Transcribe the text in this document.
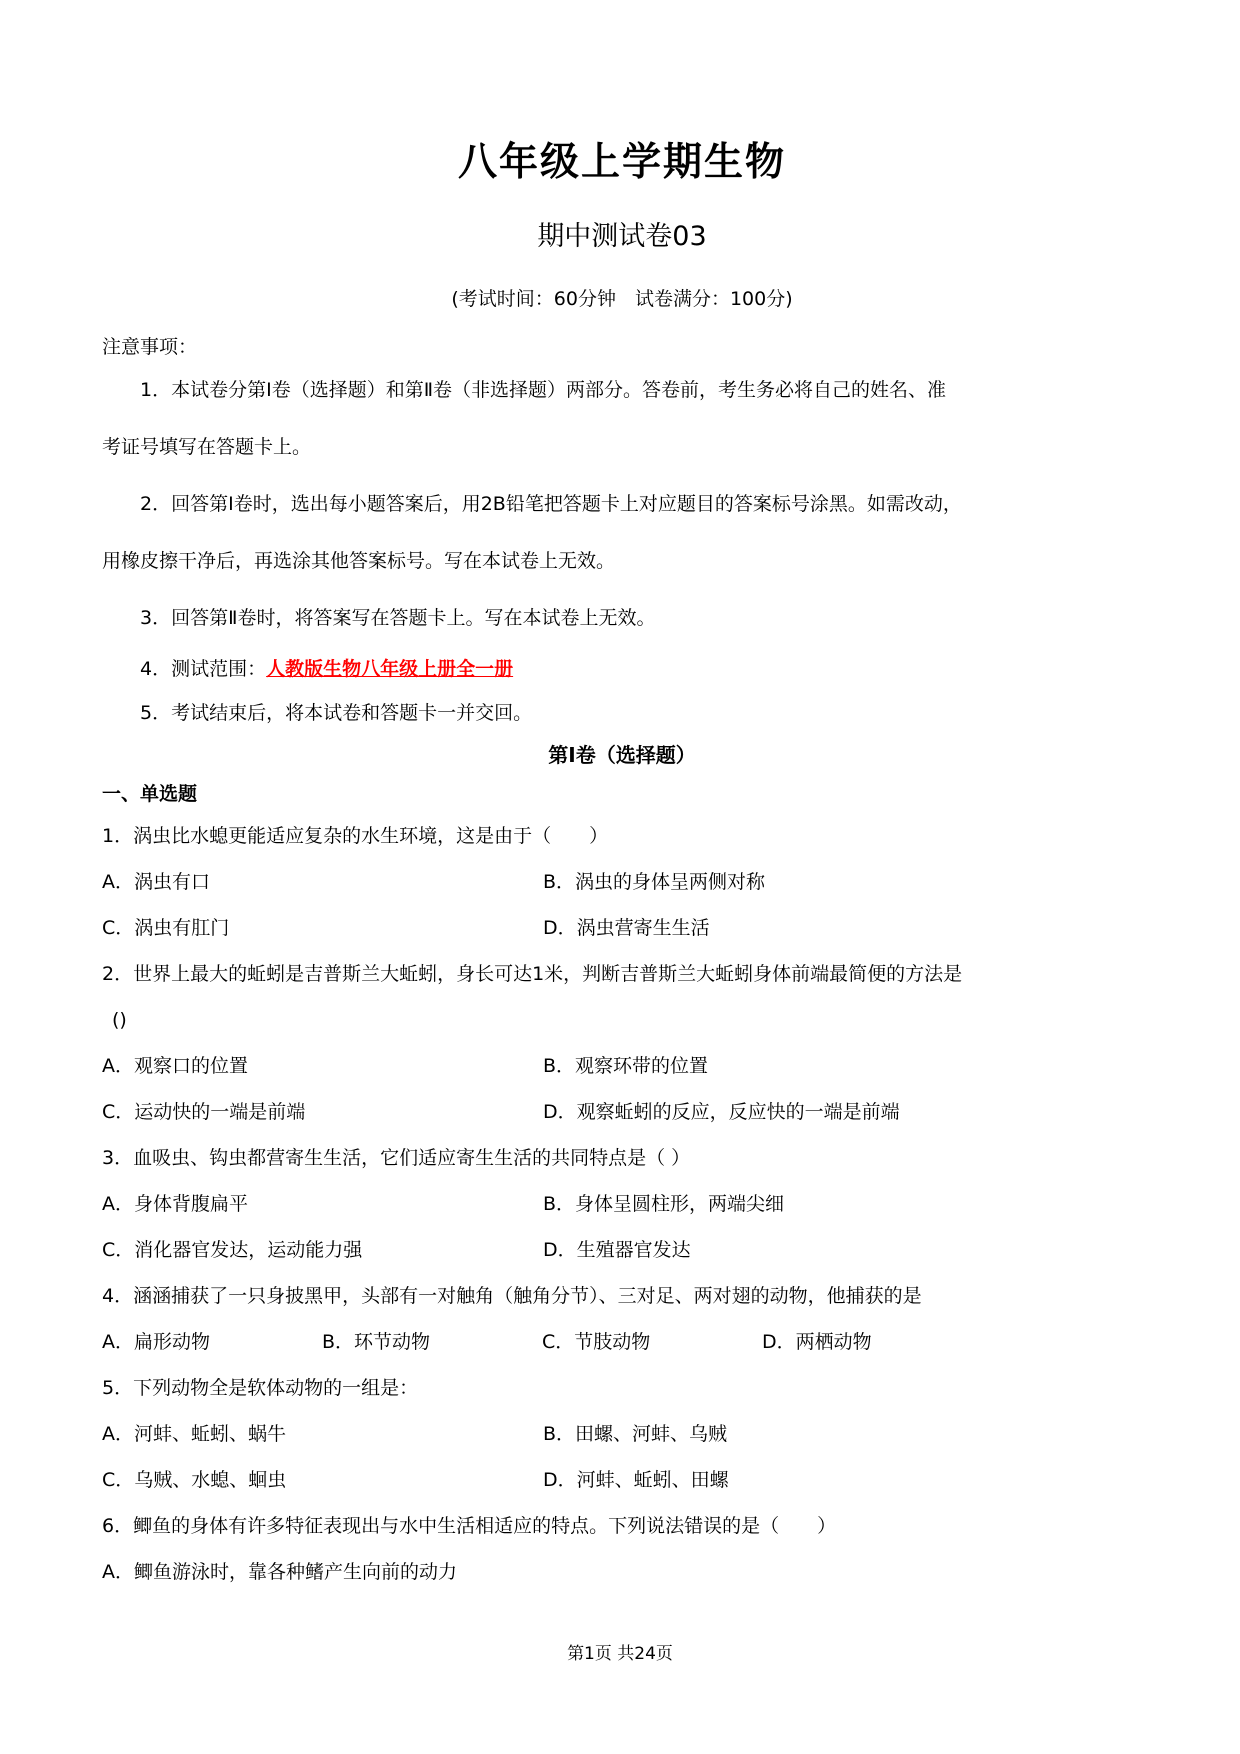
八年级上学期生物
期中测试卷03
(考试时间：60分钟　试卷满分：100分)
注意事项：
1．本试卷分第Ⅰ卷（选择题）和第Ⅱ卷（非选择题）两部分。答卷前，考生务必将自己的姓名、准
考证号填写在答题卡上。
2．回答第Ⅰ卷时，选出每小题答案后，用2B铅笔把答题卡上对应题目的答案标号涂黑。如需改动，
用橡皮擦干净后，再选涂其他答案标号。写在本试卷上无效。
3．回答第Ⅱ卷时，将答案写在答题卡上。写在本试卷上无效。
4．测试范围：人教版生物八年级上册全一册
5．考试结束后，将本试卷和答题卡一并交回。
第Ⅰ卷（选择题）
一、单选题
1．涡虫比水螅更能适应复杂的水生环境，这是由于（　　）
A．涡虫有口	B．涡虫的身体呈两侧对称
C．涡虫有肛门	D．涡虫营寄生生活
2．世界上最大的蚯蚓是吉普斯兰大蚯蚓，身长可达1米，判断吉普斯兰大蚯蚓身体前端最简便的方法是
()
A．观察口的位置	B．观察环带的位置
C．运动快的一端是前端	D．观察蚯蚓的反应，反应快的一端是前端
3．血吸虫、钩虫都营寄生生活，它们适应寄生生活的共同特点是（ ）
A．身体背腹扁平	B．身体呈圆柱形，两端尖细
C．消化器官发达，运动能力强	D．生殖器官发达
4．涵涵捕获了一只身披黑甲，头部有一对触角（触角分节）、三对足、两对翅的动物，他捕获的是
A．扁形动物	B．环节动物	C．节肢动物	D．两栖动物
5．下列动物全是软体动物的一组是：
A．河蚌、蚯蚓、蜗牛	B．田螺、河蚌、乌贼
C．乌贼、水螅、蛔虫	D．河蚌、蚯蚓、田螺
6．鲫鱼的身体有许多特征表现出与水中生活相适应的特点。下列说法错误的是（　　）
A．鲫鱼游泳时，靠各种鳍产生向前的动力
第1页 共24页
